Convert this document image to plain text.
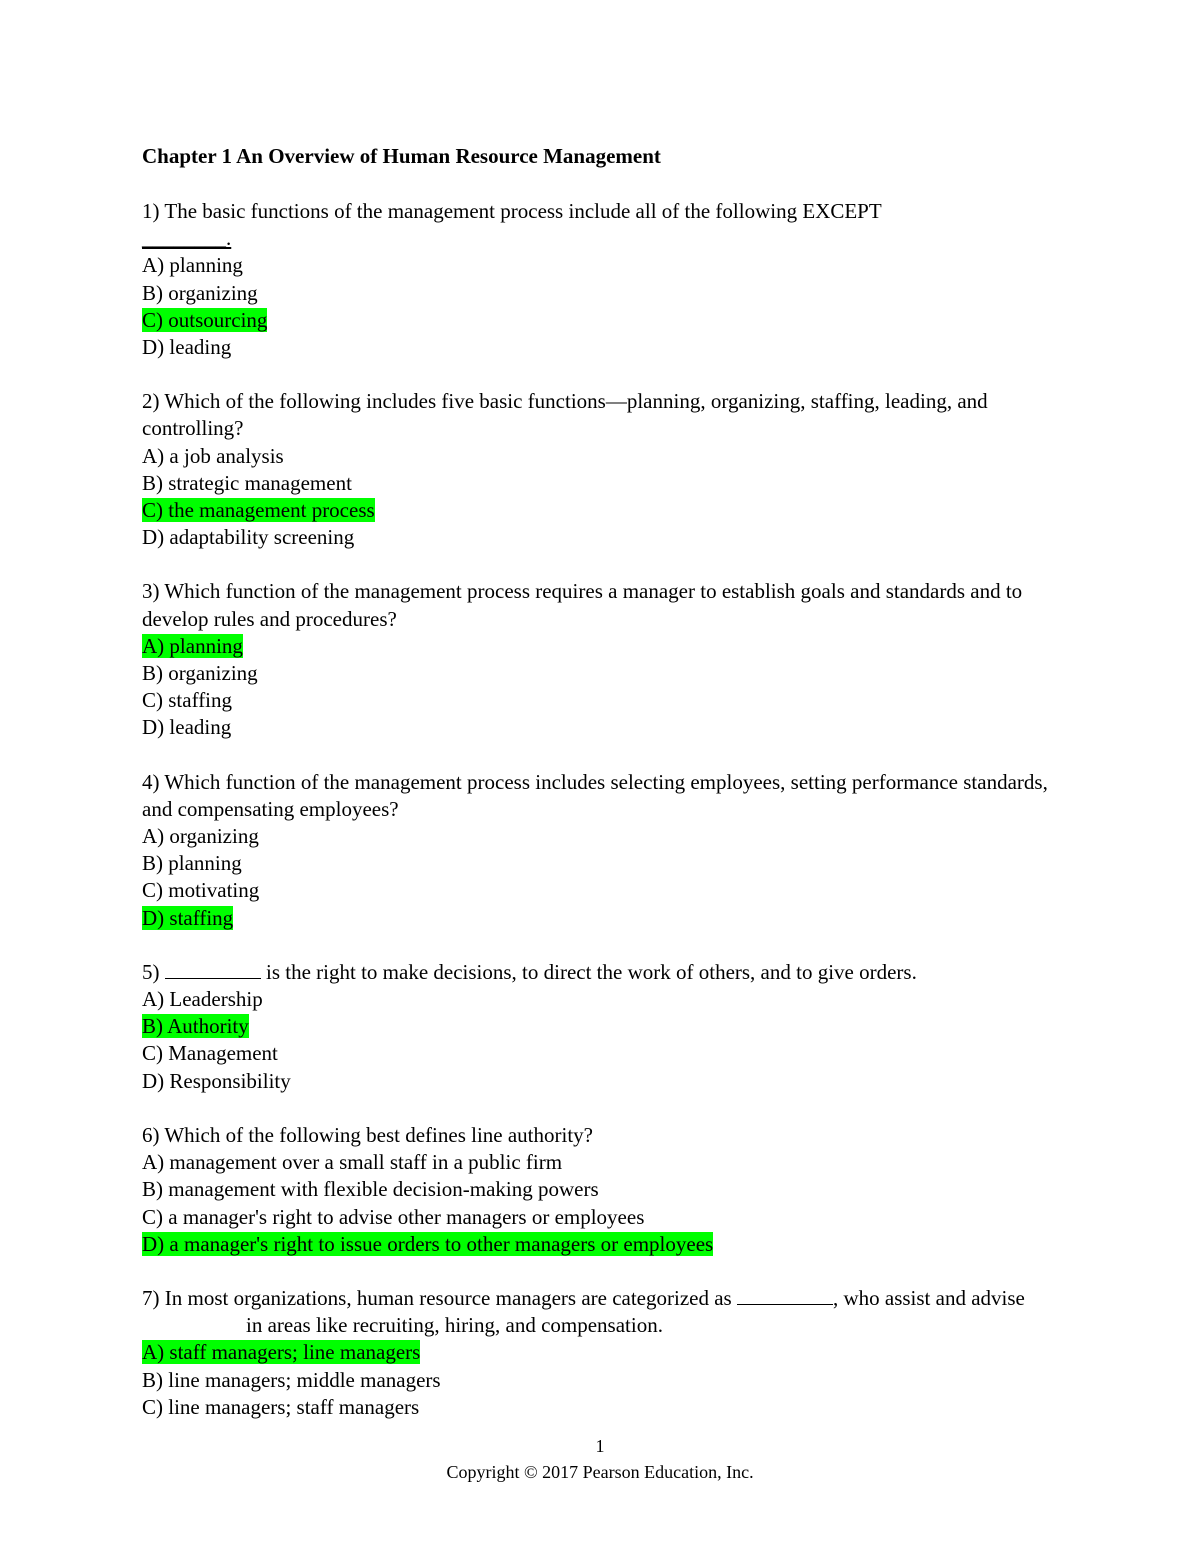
Chapter 1 An Overview of Human Resource Management
1) The basic functions of the management process include all of the following EXCEPT
________.
A) planning
B) organizing
C) outsourcing
D) leading
2) Which of the following includes five basic functions—planning, organizing, staffing, leading, and controlling?
A) a job analysis
B) strategic management
C) the management process
D) adaptability screening
3) Which function of the management process requires a manager to establish goals and standards and to develop rules and procedures?
A) planning
B) organizing
C) staffing
D) leading
4) Which function of the management process includes selecting employees, setting performance standards, and compensating employees?
A) organizing
B) planning
C) motivating
D) staffing
5)	is the right to make decisions, to direct the work of others, and to give orders.
A) Leadership
B) Authority
C) Management
D) Responsibility
6) Which of the following best defines line authority?
A) management over a small staff in a public firm
B) management with flexible decision-making powers
C) a manager's right to advise other managers or employees
D) a manager's right to issue orders to other managers or employees
7) In most organizations, human resource managers are categorized as	, who assist and advisein areas like recruiting, hiring, and compensation.
A) staff managers; line managers
B) line managers; middle managers
C) line managers; staff managers
1
Copyright © 2017 Pearson Education, Inc.
